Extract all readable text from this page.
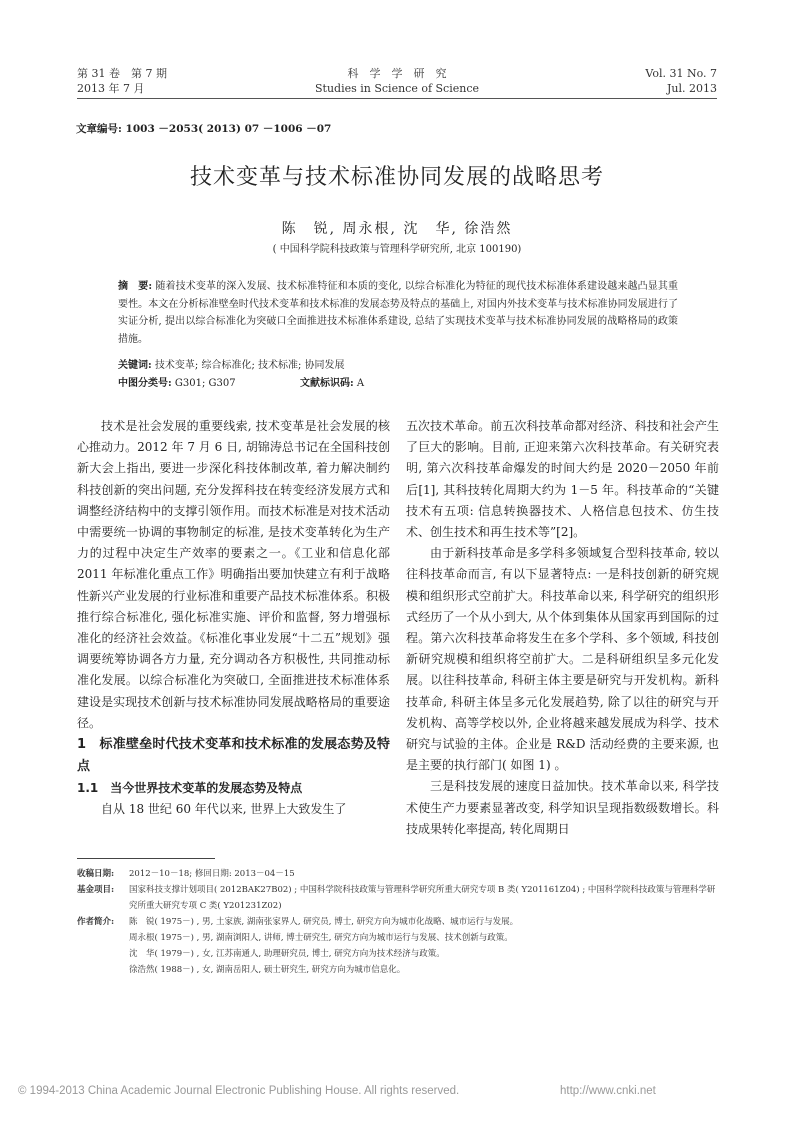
第 31 卷　第 7 期
2013 年 7 月
科　学　学　研　究
Studies in Science of Science
Vol. 31 No. 7
Jul. 2013
文章编号: 1003 －2053( 2013) 07 －1006 －07
技术变革与技术标准协同发展的战略思考
陈　锐, 周永根, 沈　华, 徐浩然
( 中国科学院科技政策与管理科学研究所, 北京 100190)

摘　要: 随着技术变革的深入发展、技术标准特征和本质的变化, 以综合标准化为特征的现代技术标准体系建设越来越凸显其重要性。本文在分析标准壁垒时代技术变革和技术标准的发展态势及特点的基础上, 对国内外技术变革与技术标准协同发展进行了实证分析, 提出以综合标准化为突破口全面推进技术标准体系建设, 总结了实现技术变革与技术标准协同发展的战略格局的政策措施。

关键词: 技术变革; 综合标准化; 技术标准; 协同发展
中图分类号: G301; G307	文献标识码: A

技术是社会发展的重要线索, 技术变革是社会发展的核心推动力。2012 年 7 月 6 日, 胡锦涛总书记在全国科技创新大会上指出, 要进一步深化科技体制改革, 着力解决制约科技创新的突出问题, 充分发挥科技在转变经济发展方式和调整经济结构中的支撑引领作用。而技术标准是对技术活动中需要统一协调的事物制定的标准, 是技术变革转化为生产力的过程中决定生产效率的要素之一。《工业和信息化部 2011 年标准化重点工作》明确指出要加快建立有利于战略性新兴产业发展的行业标准和重要产品技术标准体系。积极推行综合标准化, 强化标准实施、评价和监督, 努力增强标准化的经济社会效益。《标准化事业发展“十二五”规划》强调要统筹协调各方力量, 充分调动各方积极性, 共同推动标准化发展。以综合标准化为突破口, 全面推进技术标准体系建设是实现技术创新与技术标准协同发展战略格局的重要途径。

1　标准壁垒时代技术变革和技术标准的发展态势及特点

1.1　当今世界技术变革的发展态势及特点

自从 18 世纪 60 年代以来, 世界上大致发生了

五次技术革命。前五次科技革命都对经济、科技和社会产生了巨大的影响。目前, 正迎来第六次科技革命。有关研究表明, 第六次科技革命爆发的时间大约是 2020－2050 年前后[1], 其科技转化周期大约为 1－5 年。科技革命的“关键技术有五项: 信息转换器技术、人格信息包技术、仿生技术、创生技术和再生技术等”[2]。

由于新科技革命是多学科多领域复合型科技革命, 较以往科技革命而言, 有以下显著特点: 一是科技创新的研究规模和组织形式空前扩大。科技革命以来, 科学研究的组织形式经历了一个从小到大, 从个体到集体从国家再到国际的过程。第六次科技革命将发生在多个学科、多个领域, 科技创新研究规模和组织将空前扩大。二是科研组织呈多元化发展。以往科技革命, 科研主体主要是研究与开发机构。新科技革命, 科研主体呈多元化发展趋势, 除了以往的研究与开发机构、高等学校以外, 企业将越来越发展成为科学、技术研究与试验的主体。企业是 R&D 活动经费的主要来源, 也是主要的执行部门( 如图 1) 。

三是科技发展的速度日益加快。技术革命以来, 科学技术使生产力要素显著改变, 科学知识呈现指数级数增长。科技成果转化率提高, 转化周期日

收稿日期:	2012－10－18; 修回日期: 2013－04－15
基金项目:	国家科技支撑计划项目( 2012BAK27B02) ; 中国科学院科技政策与管理科学研究所重大研究专项 B 类( Y201161Z04) ; 中国科学院科技政策与管理科学研究所重大研究专项 C 类( Y201231Z02)
作者简介:	陈　锐( 1975－) , 男, 土家族, 湖南张家界人, 研究员, 博士, 研究方向为城市化战略、城市运行与发展。
周永根( 1975－) , 男, 湖南浏阳人, 讲师, 博士研究生, 研究方向为城市运行与发展、技术创新与政策。
沈　华( 1979－) , 女, 江苏南通人, 助理研究员, 博士, 研究方向为技术经济与政策。
徐浩然( 1988－) , 女, 湖南岳阳人, 硕士研究生, 研究方向为城市信息化。
© 1994-2013 China Academic Journal Electronic Publishing House. All rights reserved.	http://www.cnki.net
